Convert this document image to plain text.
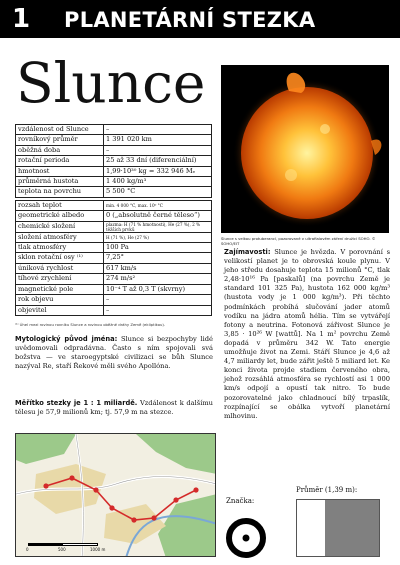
1 PLANETÁRNÍ STEZKA
Slunce
Slunce s velkou protuberancí, pozorované v ultrafialovém záření družicí SOHO. © SOHO/EIT
vzdálenost od Slunce	–
rovníkový průměr	1 391 020 km
oběžná doba	–
rotační perioda	25 až 33 dní (diferenciální)
hmotnost	1,99·10³⁰ kg = 332 946 Mₑ
průměrná hustota	1 400 kg/m³
teplota na povrchu	5 500 °C

rozsah teplot	min. 4 000 °C, max. 10⁶ °C
geometrické albedo	0 („absolutně černé těleso“)
chemické složení	plazma: H (71 % hmotnosti), He (27 %), 2 % těžších prvků
složení atmosféry	H (71 %), He (27 %)
tlak atmosféry	100 Pa
sklon rotační osy ⁽¹⁾	7,25°
úniková rychlost	617 km/s
tíhové zrychlení	274 m/s²
magnetické pole	10⁻⁴ T až 0,3 T (skvrny)
rok objevu	–
objevitel	–
⁽¹⁾ Úhel mezi rovinou rovníku Slunce a rovinou oběžné dráhy Země (ekliptikou).
Mytologický původ jména: Slunce si bezpochyby lidé uvědomovali odpradávna. Často s ním spojovali svá božstva — ve staroegyptské civilizaci se bůh Slunce nazýval Re, staří Řekové měli svého Apollóna.
Měřítko stezky je 1 : 1 miliardě. Vzdálenost k dalšímu tělesu je 57,9 milionů km; tj. 57,9 m na stezce.
Zajímavosti: Slunce je hvězda. V porovnání s velikostí planet je to obrovská koule plynu. V jeho středu dosahuje teplota 15 milionů °C, tlak 2,48·10¹⁶ Pa [paskalů] (na povrchu Země je standard 101 325 Pa), hustota 162 000 kg/m³ (hustota vody je 1 000 kg/m³). Při těchto podmínkách probíhá slučování jader atomů vodíku na jádra atomů hélia. Tím se vytvářejí fotony a neutrina. Fotonová zářivost Slunce je 3,85 · 10²⁶ W [wattů]. Na 1 m² povrchu Země dopadá v průměru 342 W. Tato energie umožňuje život na Zemi. Stáří Slunce je 4,6 až 4,7 miliardy let, bude zářit ještě 5 miliard let. Ke konci života projde stadiem červeného obra, jehož rozsáhlá atmosféra se rychlostí asi 1 000 km/s odpojí a opustí tak nitro. To bude pozorovatelné jako chladnoucí bílý trpaslík, rozpínající se obálka vytvoří planetární mlhovinu.
0	500	1000 m
Značka:
Průměr (1,39 m):
